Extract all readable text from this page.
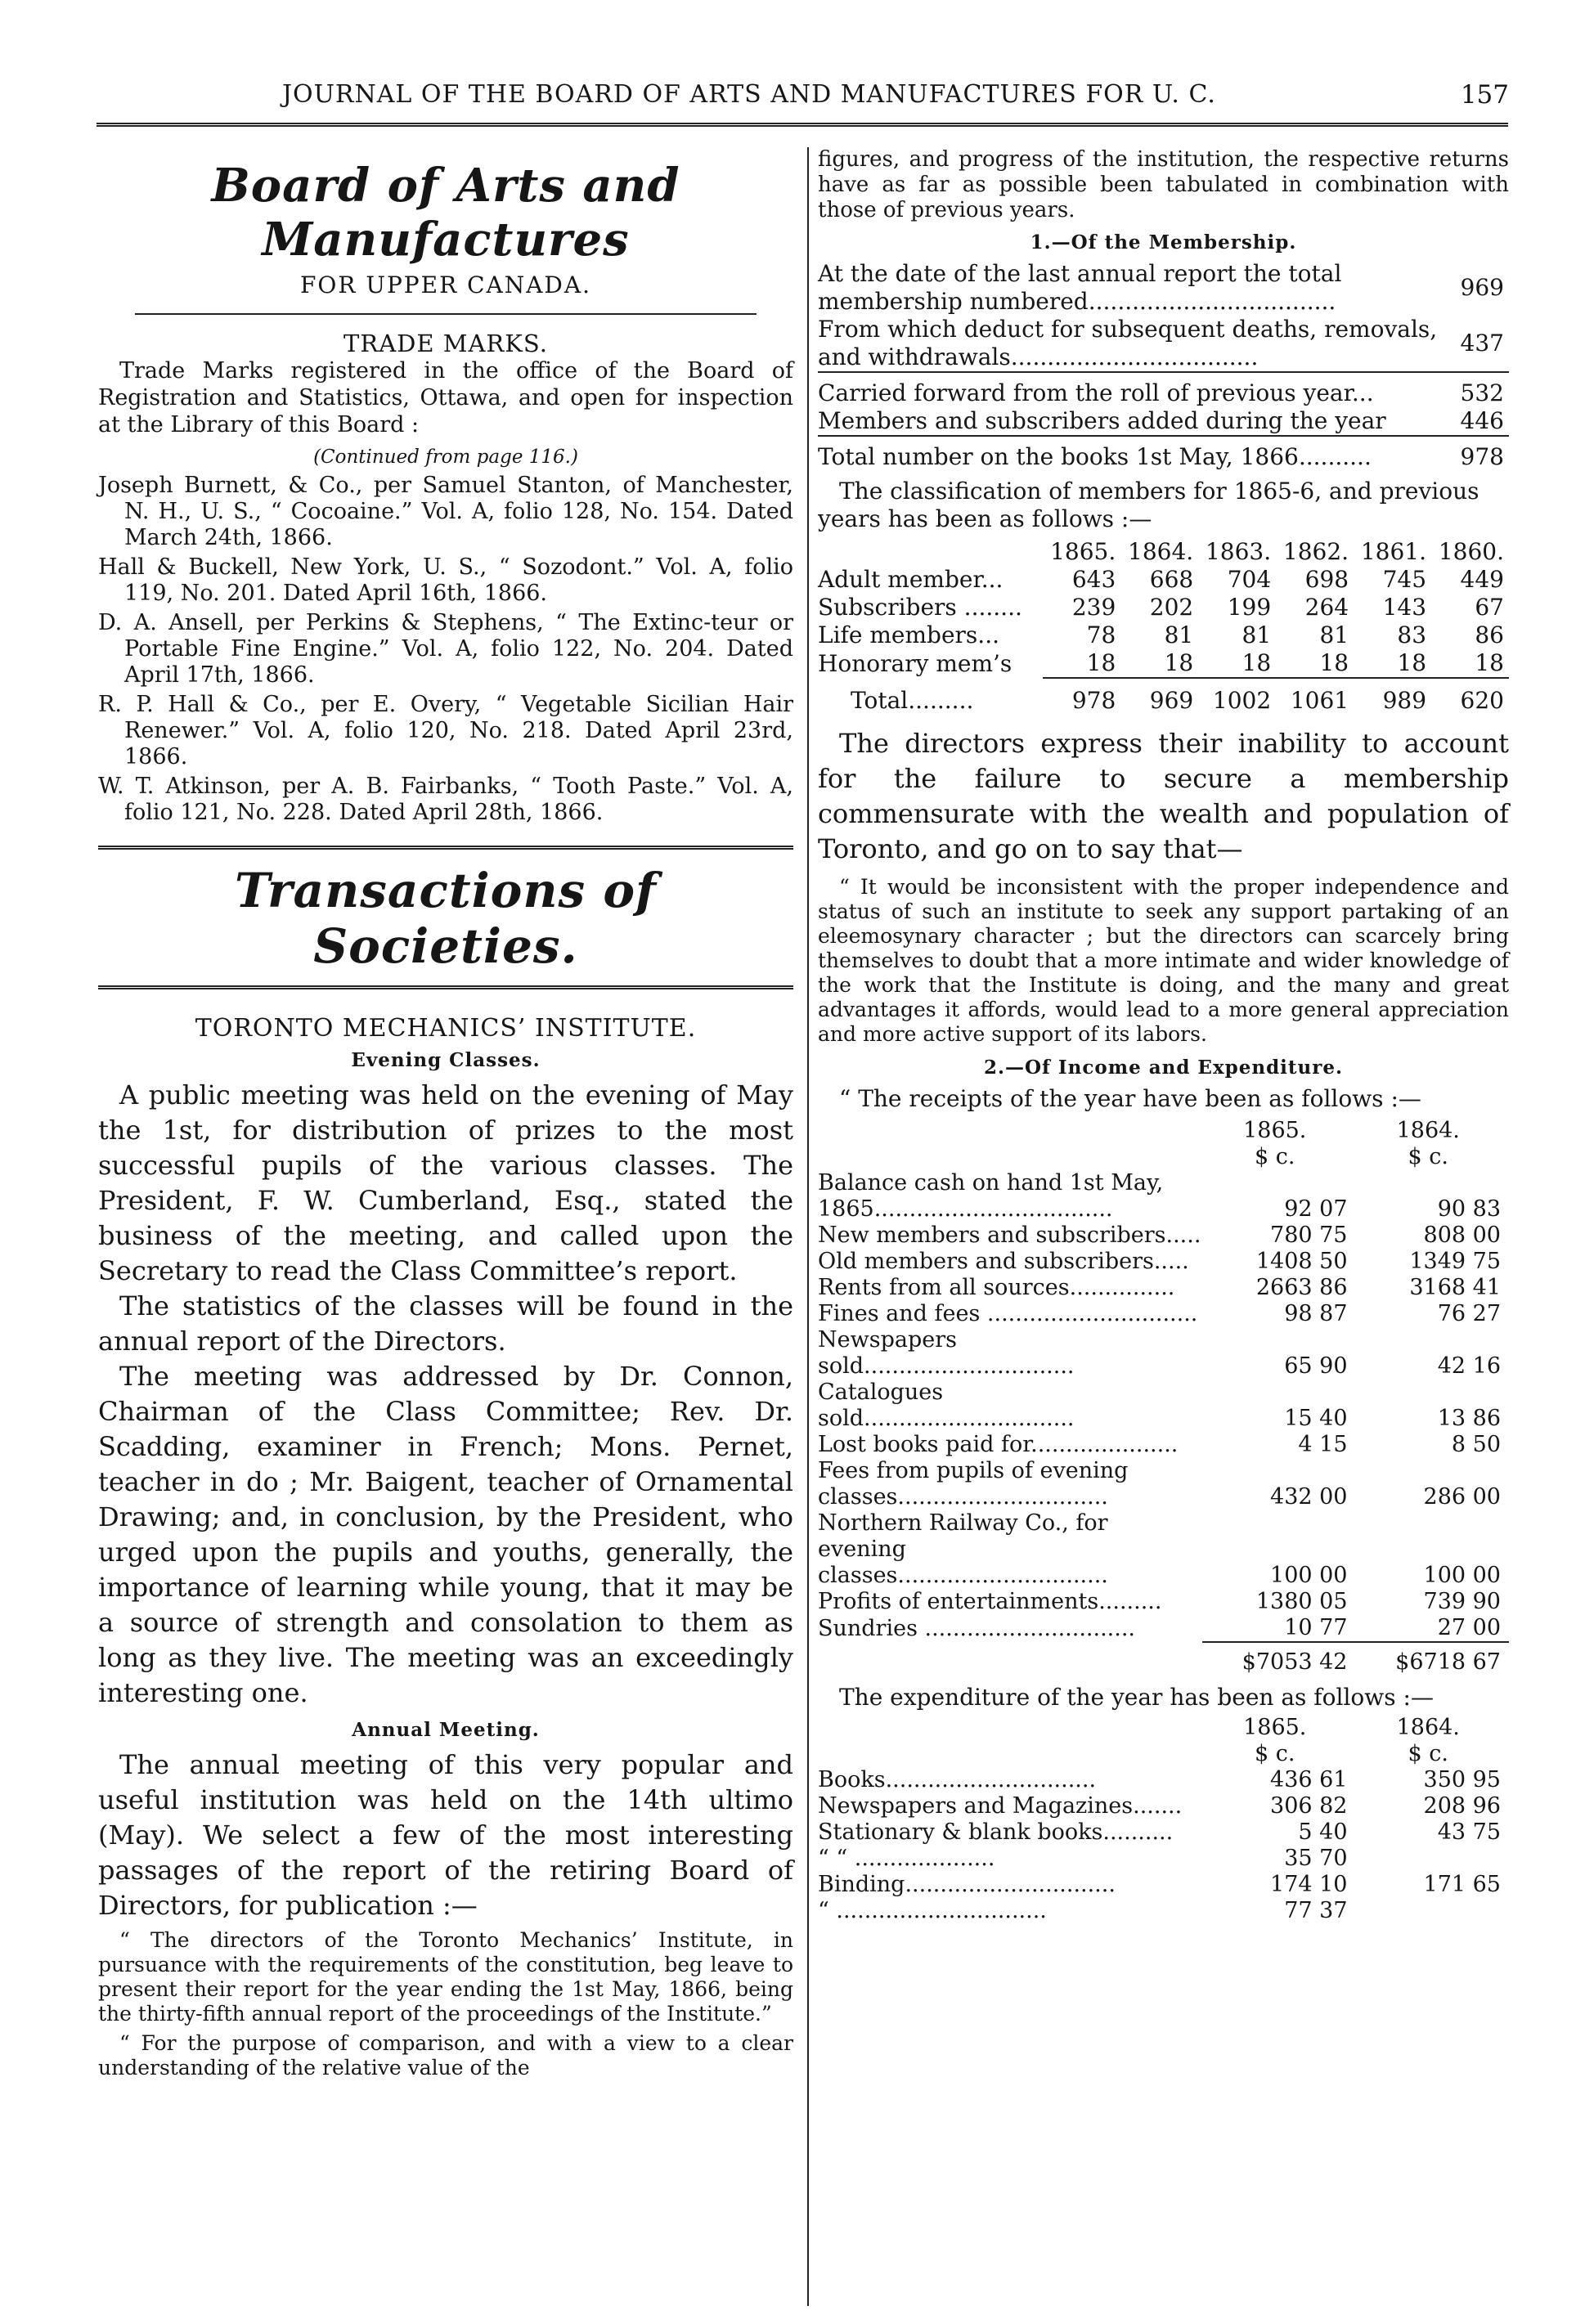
JOURNAL OF THE BOARD OF ARTS AND MANUFACTURES FOR U. C.	157
Board of Arts and Manufactures
FOR UPPER CANADA.
TRADE MARKS.

Trade Marks registered in the office of the Board of Registration and Statistics, Ottawa, and open for inspection at the Library of this Board :

(Continued from page 116.)

Joseph Burnett, & Co., per Samuel Stanton, of Manchester, N. H., U. S., “ Cocoaine.” Vol. A, folio 128, No. 154. Dated March 24th, 1866.

Hall & Buckell, New York, U. S., “ Sozodont.” Vol. A, folio 119, No. 201. Dated April 16th, 1866.

D. A. Ansell, per Perkins & Stephens, “ The Extinc-teur or Portable Fine Engine.” Vol. A, folio 122, No. 204. Dated April 17th, 1866.

R. P. Hall & Co., per E. Overy, “ Vegetable Sicilian Hair Renewer.” Vol. A, folio 120, No. 218. Dated April 23rd, 1866.

W. T. Atkinson, per A. B. Fairbanks, “ Tooth Paste.” Vol. A, folio 121, No. 228. Dated April 28th, 1866.

Transactions of Societies.
TORONTO MECHANICS’ INSTITUTE.
Evening Classes.

A public meeting was held on the evening of May the 1st, for distribution of prizes to the most successful pupils of the various classes. The President, F. W. Cumberland, Esq., stated the business of the meeting, and called upon the Secretary to read the Class Committee’s report.

The statistics of the classes will be found in the annual report of the Directors.

The meeting was addressed by Dr. Connon, Chairman of the Class Committee; Rev. Dr. Scadding, examiner in French; Mons. Pernet, teacher in do ; Mr. Baigent, teacher of Ornamental Drawing; and, in conclusion, by the President, who urged upon the pupils and youths, generally, the importance of learning while young, that it may be a source of strength and consolation to them as long as they live. The meeting was an exceedingly interesting one.

Annual Meeting.

The annual meeting of this very popular and useful institution was held on the 14th ultimo (May). We select a few of the most interesting passages of the report of the retiring Board of Directors, for publication :—

“ The directors of the Toronto Mechanics’ Institute, in pursuance with the requirements of the constitution, beg leave to present their report for the year ending the 1st May, 1866, being the thirty-fifth annual report of the proceedings of the Institute.”

“ For the purpose of comparison, and with a view to a clear understanding of the relative value of the

figures, and progress of the institution, the respective returns have as far as possible been tabulated in combination with those of previous years.

1.—Of the Membership.
At the date of the last annual report the total membership numbered..................................	969
From which deduct for subsequent deaths, removals, and withdrawals..................................	437

Carried forward from the roll of previous year...	532
Members and subscribers added during the year	446

Total number on the books 1st May, 1866..........	978

The classification of members for 1865-6, and previous years has been as follows :—

	1865.	1864.	1863.	1862.	1861.	1860.
Adult member...	643	668	704	698	745	449
Subscribers ........	239	202	199	264	143	67
Life members...	78	81	81	81	83	86
Honorary mem’s	18	18	18	18	18	18

Total.........	978	969	1002	1061	989	620

The directors express their inability to account for the failure to secure a membership commensurate with the wealth and population of Toronto, and go on to say that—

“ It would be inconsistent with the proper independence and status of such an institute to seek any support partaking of an eleemosynary character ; but the directors can scarcely bring themselves to doubt that a more intimate and wider knowledge of the work that the Institute is doing, and the many and great advantages it affords, would lead to a more general appreciation and more active support of its labors.

2.—Of Income and Expenditure.

“ The receipts of the year have been as follows :—

	1865.	1864.
	$ c.	$ c.
Balance cash on hand 1st May, 1865..................................	92 07	90 83
New members and subscribers.....	780 75	808 00
Old members and subscribers.....	1408 50	1349 75
Rents from all sources...............	2663 86	3168 41
Fines and fees ..............................	98 87	76 27
Newspapers sold..............................	65 90	42 16
Catalogues sold..............................	15 40	13 86
Lost books paid for.....................	4 15	8 50
Fees from pupils of evening classes..............................	432 00	286 00
Northern Railway Co., for evening classes..............................	100 00	100 00
Profits of entertainments.........	1380 05	739 90
Sundries ..............................	10 77	27 00
	$7053 42	$6718 67

The expenditure of the year has been as follows :—

	1865.	1864.
	$ c.	$ c.
Books..............................	436 61	350 95
Newspapers and Magazines.......	306 82	208 96
Stationary & blank books..........	5 40	43 75
“ “ ....................	35 70	
Binding..............................	174 10	171 65
“ ..............................	77 37	
